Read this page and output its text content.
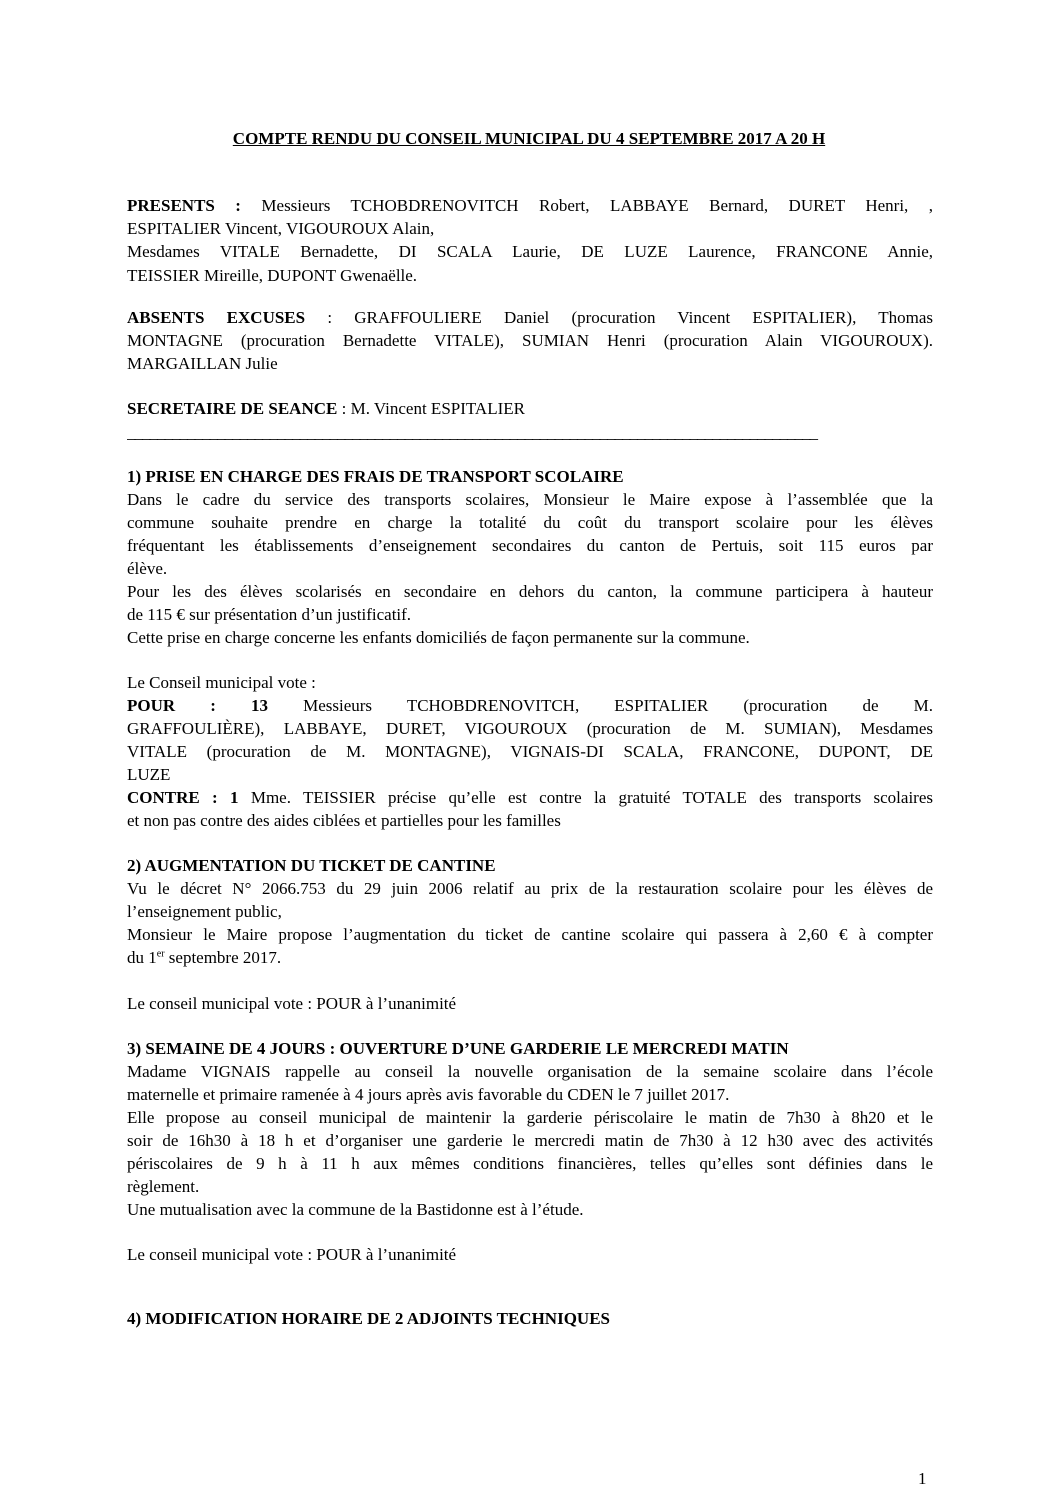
COMPTE RENDU DU CONSEIL MUNICIPAL DU 4 SEPTEMBRE 2017 A 20 H
PRESENTS : Messieurs TCHOBDRENOVITCH Robert, LABBAYE Bernard, DURET Henri, ,
ESPITALIER Vincent, VIGOUROUX Alain,
Mesdames VITALE Bernadette, DI SCALA Laurie, DE LUZE Laurence, FRANCONE Annie,
TEISSIER Mireille, DUPONT Gwenaëlle.
ABSENTS EXCUSES : GRAFFOULIERE Daniel (procuration Vincent ESPITALIER), Thomas
MONTAGNE (procuration Bernadette VITALE), SUMIAN Henri (procuration Alain VIGOUROUX).
MARGAILLAN Julie
SECRETAIRE DE SEANCE : M. Vincent ESPITALIER
____________________________________________________________________________________________
1) PRISE EN CHARGE DES FRAIS DE TRANSPORT SCOLAIRE
Dans le cadre du service des transports scolaires, Monsieur le Maire expose à l’assemblée que la
commune souhaite prendre en charge la totalité du coût du transport scolaire pour les élèves
fréquentant les établissements d’enseignement secondaires du canton de Pertuis, soit 115 euros par
élève.
Pour les des élèves scolarisés en secondaire en dehors du canton, la commune participera à hauteur
de 115 € sur présentation d’un justificatif.
Cette prise en charge concerne les enfants domiciliés de façon permanente sur la commune.
Le Conseil municipal vote :
POUR : 13 Messieurs TCHOBDRENOVITCH, ESPITALIER (procuration de M.
GRAFFOULIÈRE), LABBAYE, DURET, VIGOUROUX (procuration de M. SUMIAN), Mesdames
VITALE (procuration de M. MONTAGNE), VIGNAIS-DI SCALA, FRANCONE, DUPONT, DE
LUZE
CONTRE : 1 Mme. TEISSIER précise qu’elle est contre la gratuité TOTALE des transports scolaires
et non pas contre des aides ciblées et partielles pour les familles
2) AUGMENTATION DU TICKET DE CANTINE
Vu le décret N° 2066.753 du 29 juin 2006 relatif au prix de la restauration scolaire pour les élèves de
l’enseignement public,
Monsieur le Maire propose l’augmentation du ticket de cantine scolaire qui passera à 2,60 € à compter
du 1er septembre 2017.
Le conseil municipal vote : POUR à l’unanimité
3) SEMAINE DE 4 JOURS : OUVERTURE D’UNE GARDERIE LE MERCREDI MATIN
Madame VIGNAIS rappelle au conseil la nouvelle organisation de la semaine scolaire dans l’école
maternelle et primaire ramenée à 4 jours après avis favorable du CDEN le 7 juillet 2017.
Elle propose au conseil municipal de maintenir la garderie périscolaire le matin de 7h30 à 8h20 et le
soir de 16h30 à 18 h et d’organiser une garderie le mercredi matin de 7h30 à 12 h30 avec des activités
périscolaires de 9 h à 11 h aux mêmes conditions financières, telles qu’elles sont définies dans le
règlement.
Une mutualisation avec la commune de la Bastidonne est à l’étude.
Le conseil municipal vote : POUR à l’unanimité
4) MODIFICATION HORAIRE DE 2 ADJOINTS TECHNIQUES
1
